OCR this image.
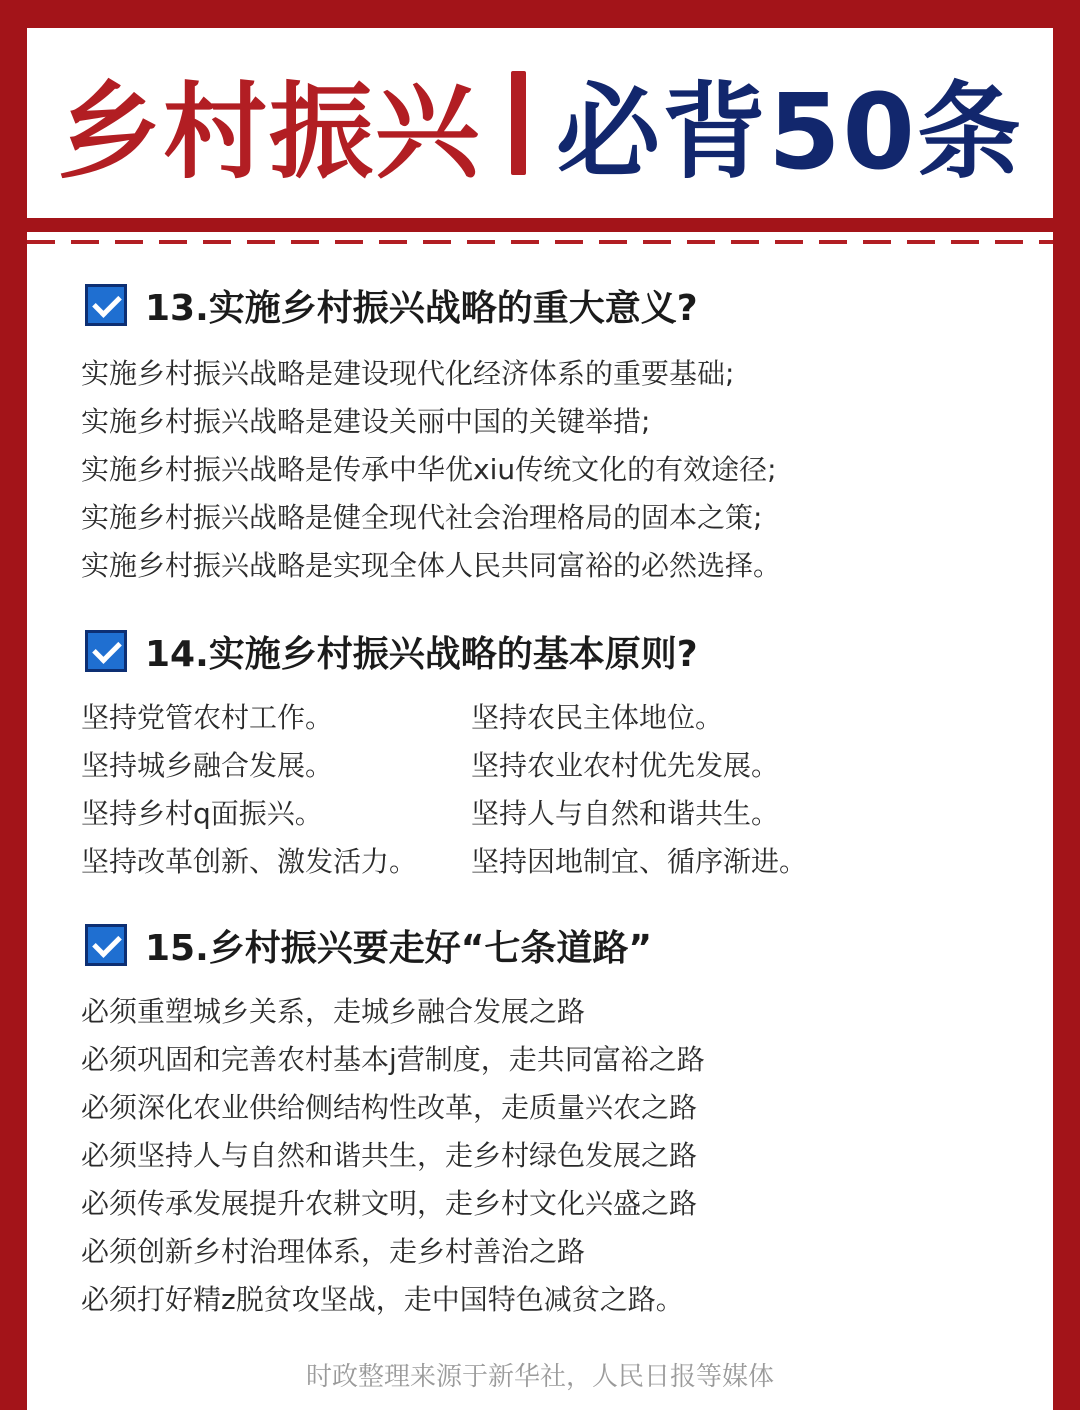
乡村振兴 必背50条
13.实施乡村振兴战略的重大意义?
实施乡村振兴战略是建设现代化经济体系的重要基础;
实施乡村振兴战略是建设关丽中国的关键举措;
实施乡村振兴战略是传承中华优xiu传统文化的有效途径;
实施乡村振兴战略是健全现代社会治理格局的固本之策;
实施乡村振兴战略是实现全体人民共同富裕的必然选择。
14.实施乡村振兴战略的基本原则?
坚持党管农村工作。	坚持农民主体地位。
坚持城乡融合发展。	坚持农业农村优先发展。
坚持乡村q面振兴。	坚持人与自然和谐共生。
坚持改革创新、激发活力。	坚持因地制宜、循序渐进。
15.乡村振兴要走好“七条道路”
必须重塑城乡关系，走城乡融合发展之路
必须巩固和完善农村基本j营制度，走共同富裕之路
必须深化农业供给侧结构性改革，走质量兴农之路
必须坚持人与自然和谐共生，走乡村绿色发展之路
必须传承发展提升农耕文明，走乡村文化兴盛之路
必须创新乡村治理体系，走乡村善治之路
必须打好精z脱贫攻坚战，走中国特色减贫之路。
时政整理来源于新华社，人民日报等媒体
